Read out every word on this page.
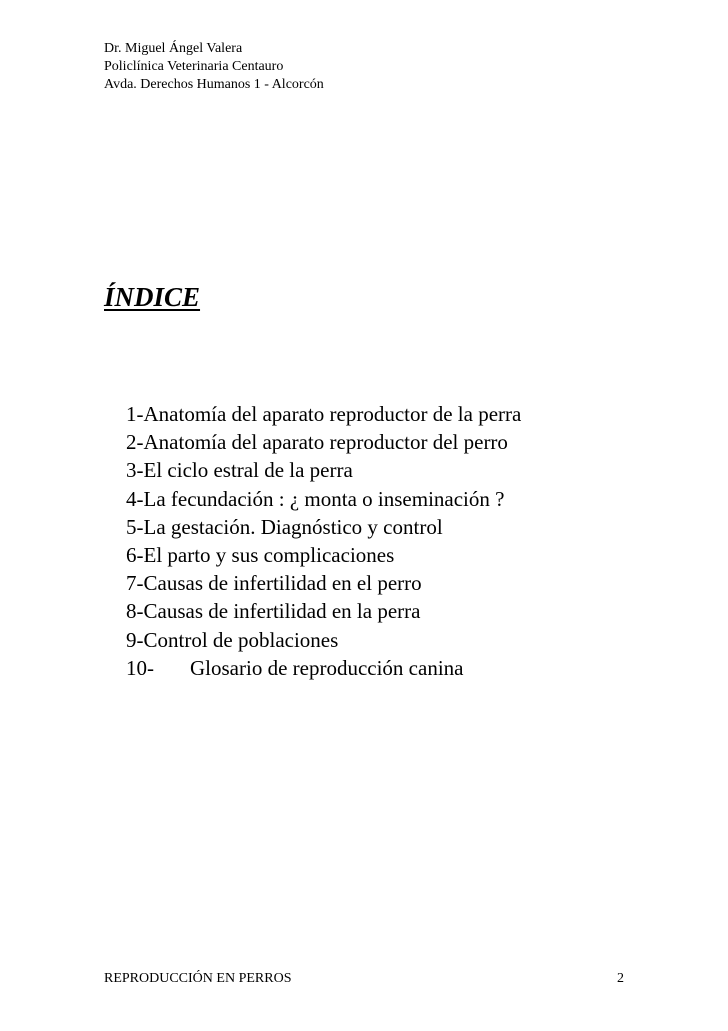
Dr. Miguel Ángel Valera
Policlínica Veterinaria Centauro
Avda. Derechos Humanos 1 - Alcorcón
ÍNDICE
1- Anatomía del aparato reproductor de la perra
2- Anatomía del aparato reproductor del perro
3- El ciclo estral de la perra
4- La fecundación : ¿ monta o inseminación ?
5- La gestación. Diagnóstico y control
6- El parto y sus complicaciones
7- Causas de infertilidad en el perro
8- Causas de infertilidad en la perra
9- Control de poblaciones
10-	Glosario de reproducción canina
REPRODUCCIÓN EN PERROS	2
